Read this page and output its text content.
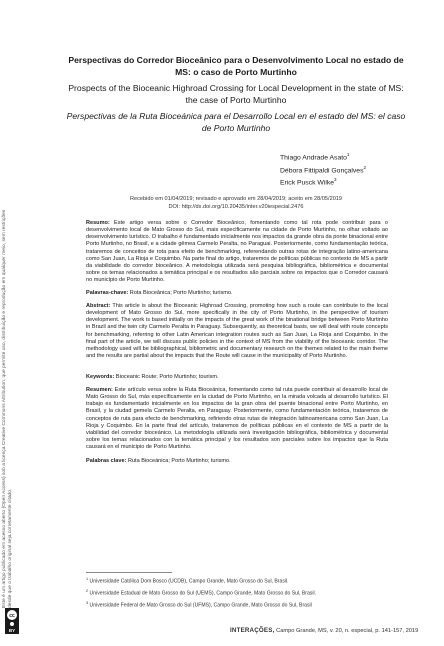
Este é um artigo publicado em acesso aberto (Open Access) sob a licença Creative Commons Attribution, que permite uso, distribuição e reprodução em qualquer meio, sem restrições desde que o trabalho original seja corretamente citado.
cc
BY
Perspectivas do Corredor Bioceânico para o Desenvolvimento Local no estado de MS: o caso de Porto Murtinho
Prospects of the Bioceanic Highroad Crossing for Local Development in the state of MS: the case of Porto Murtinho
Perspectivas de la Ruta Bioceánica para el Desarrollo Local en el estado del MS: el caso de Porto Murtinho
Thiago Andrade Asato$^1$
Débora Fittipaldi Gonçalves$^2$
Erick Pusck Wilke$^3$
Recebido em 01/04/2019; revisado e aprovado em 28/04/2019; aceito em 28/05/2019
DOI: http://dx.doi.org/10.20435/inter.v20iespecial.2476
Resumo: Este artigo versa sobre o Corredor Bioceânico, fomentando como tal rota pode contribuir para o desenvolvimento local de Mato Grosso do Sul, mais especificamente na cidade de Porto Murtinho, no olhar voltado ao desenvolvimento turístico. O trabalho é fundamentado inicialmente nos impactos da grande obra da ponte binacional entre Porto Murtinho, no Brasil, e a cidade gêmea Carmelo Peralta, no Paraguai. Posteriormente, como fundamentação teórica, trataremos de conceitos de rota para efeito de benchmarking, referendando outras rotas de integração latino-americana como San Juan, La Rioja e Coquimbo. Na parte final do artigo, trataremos de políticas públicas no contexto de MS a partir da viabilidade do corredor bioceânico. A metodologia utilizada será pesquisa bibliográfica, bibliométrica e documental sobre os temas relacionados a temática principal e os resultados são parciais sobre os impactos que o Corredor causará no município de Porto Murtinho.
Palavras-chave: Rota Bioceânica; Porto Murtinho; turismo.
Abstract: This article is about the Bioceanic Highroad Crossing, promoting how such a route can contribute to the local development of Mato Grosso do Sul, more specifically in the city of Porto Murtinho, in the perspective of tourism development. The work is based initially on the impacts of the great work of the binational bridge between Porto Murtinho in Brazil and the twin city Carmelo Peralta in Paraguay. Subsequently, as theoretical basis, we will deal with route concepts for benchmarking, referring to other Latin American integration routes such as San Juan, La Rioja and Coquimbo. In the final part of the article, we will discuss public policies in the context of MS from the viability of the bioceanic corridor. The methodology used will be bibliographical, bibliometric and documentary research on the themes related to the main theme and the results are partial about the impacts that the Route will cause in the municipality of Porto Murtinho.
Keywords: Bioceanic Route; Porto Murtinho; tourism.
Resumen: Este artículo versa sobre la Ruta Bioceánica, fomentando como tal ruta puede contribuir al desarrollo local de Mato Grosso do Sul, más específicamente en la ciudad de Porto Murtinho, en la mirada volcada al desarrollo turístico. El trabajo es fundamentado inicialmente en los impactos de la gran obra del puente binacional entre Porto Murtinho, en Brasil, y la ciudad gemela Carmelo Peralta, en Paraguay. Posteriormente, como fundamentación teórica, trataremos de conceptos de ruta para efecto de benchmarking, refiriendo otras rutas de integración latinoamericana como San Juan, La Rioja y Coquimbo. En la parte final del artículo, trataremos de políticas públicas en el contexto de MS a partir de la viabilidad del corredor bioceánico. La metodología utilizada será investigación bibliográfica, bibliométrica y documental sobre los temas relacionados con la temática principal y los resultados son parciales sobre los impactos que la Ruta causará en el municipio de Porto Murtinho.
Palabras clave: Ruta Bioceánica; Porto Murtinho; turismo.
$^1$ Universidade Católica Dom Bosco (UCDB), Campo Grande, Mato Grosso do Sul, Brasil.
$^2$ Universidade Estadual de Mato Grosso do Sul (UEMS), Campo Grande, Mato Grosso do Sul, Brasil.
$^3$ Universidade Federal de Mato Grosso do Sul (UFMS), Campo Grande, Mato Grosso do Sul, Brasil
INTERAÇÕES, Campo Grande, MS, v. 20, n. especial, p. 141-157, 2019
